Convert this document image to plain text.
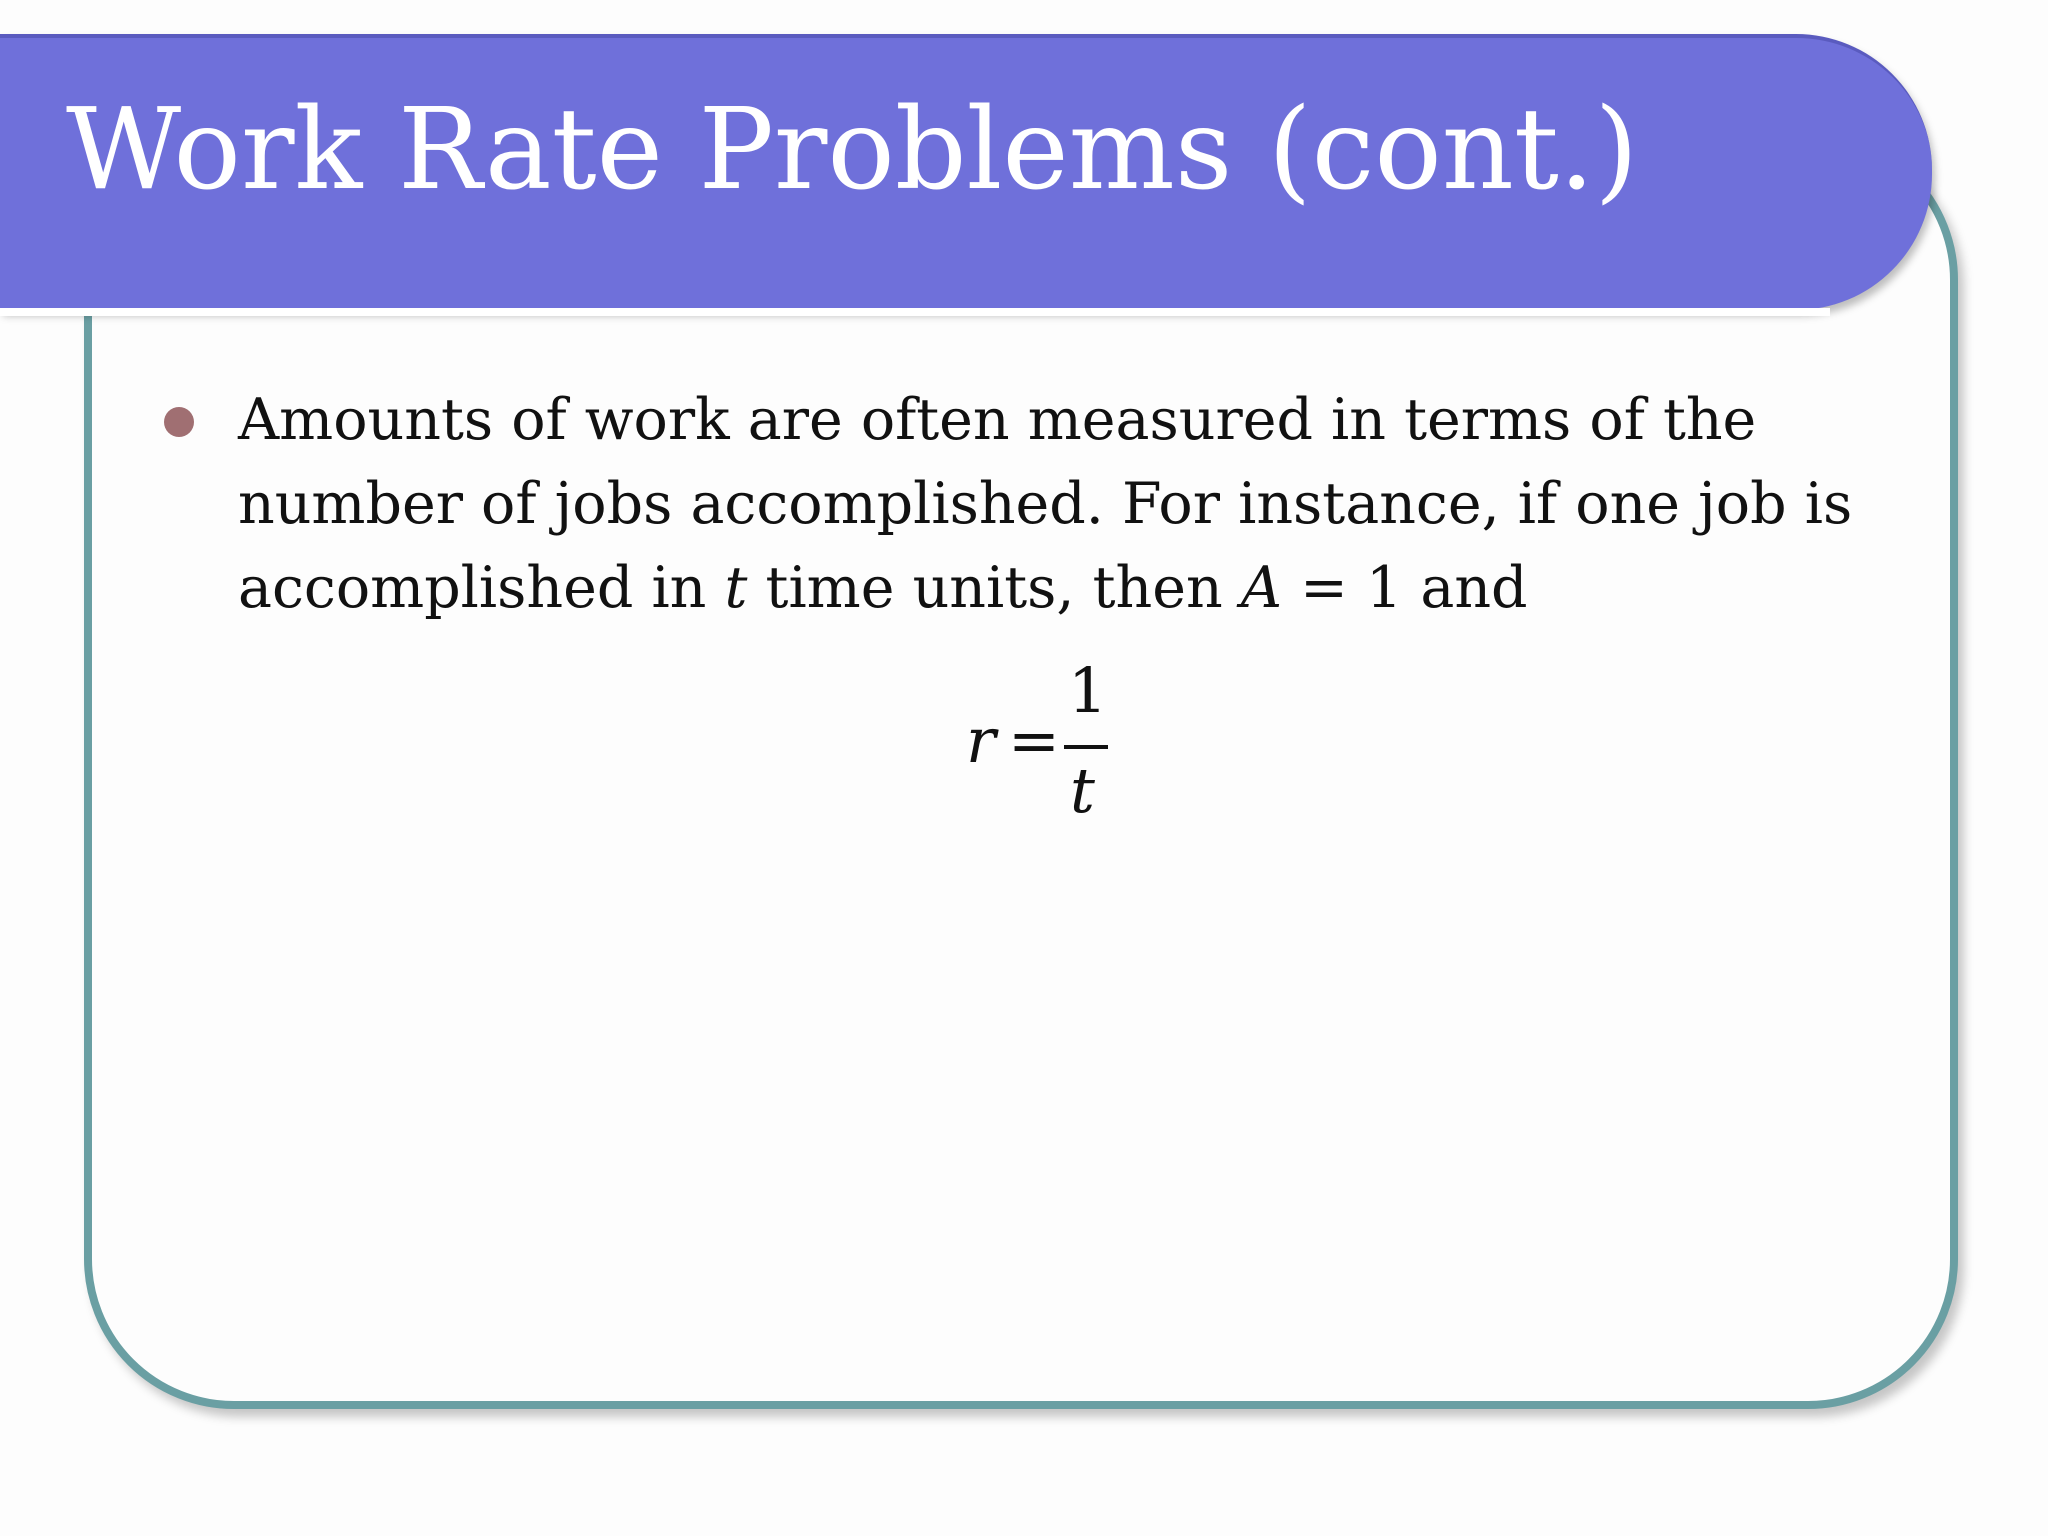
Work Rate Problems (cont.)

Amounts of work are often measured in terms of the number of jobs accomplished. For instance, if one job is accomplished in t time units, then A = 1 and

r =
1
t
